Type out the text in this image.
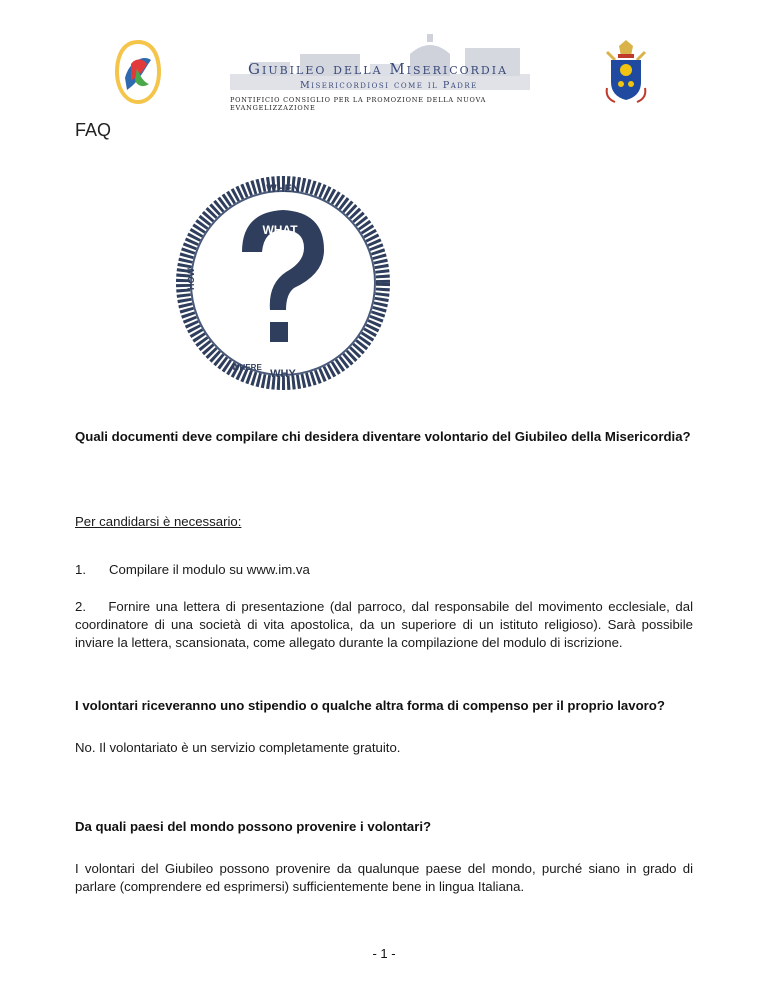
Giubileo della Misericordia
Misericordiosi come il Padre
PONTIFICIO CONSIGLIO PER LA PROMOZIONE DELLA NUOVA EVANGELIZZAZIONE
FAQ
WHEN
WHAT
WHY
WHO
WHERE
HOW
Quali documenti deve compilare chi desidera diventare volontario del Giubileo della Misericordia?
Per candidarsi è necessario:
1. Compilare il modulo su www.im.va
2. Fornire una lettera di presentazione (dal parroco, dal responsabile del movimento ecclesiale, dal coordinatore di una società di vita apostolica, da un superiore di un istituto religioso). Sarà possibile inviare la lettera, scansionata, come allegato durante la compilazione del modulo di iscrizione.
I volontari riceveranno uno stipendio o qualche altra forma di compenso per il proprio lavoro?
No. Il volontariato è un servizio completamente gratuito.
Da quali paesi del mondo possono provenire i volontari?
I volontari del Giubileo possono provenire da qualunque paese del mondo, purché siano in grado di parlare (comprendere ed esprimersi) sufficientemente bene in lingua Italiana.
- 1 -
